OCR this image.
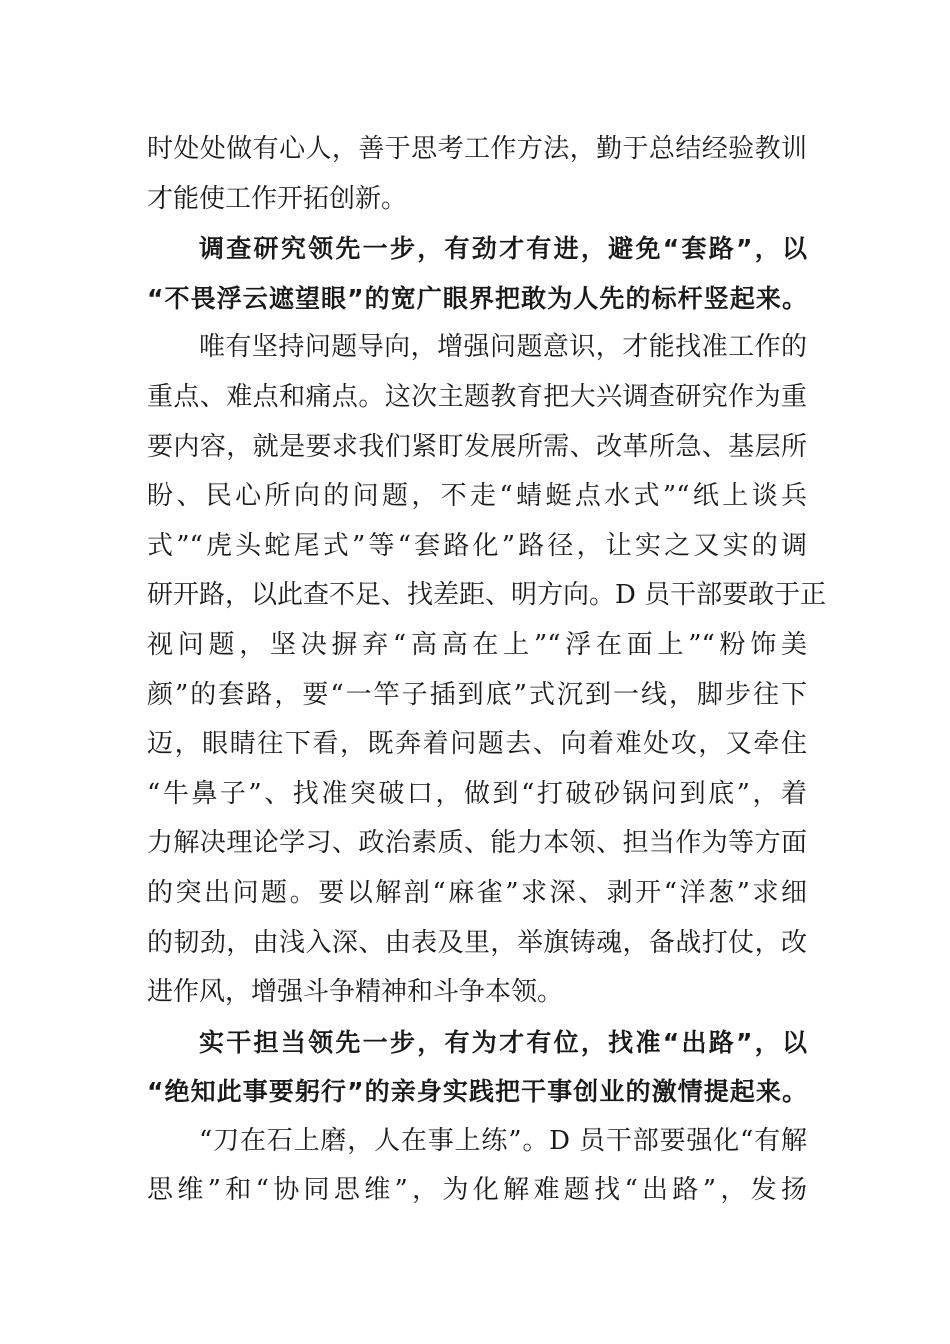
时处处做有心人，善于思考工作方法，勤于总结经验教训
才能使工作开拓创新。
调查研究领先一步，有劲才有进，避免“套路”，以
“不畏浮云遮望眼”的宽广眼界把敢为人先的标杆竖起来。
唯有坚持问题导向，增强问题意识，才能找准工作的
重点、难点和痛点。这次主题教育把大兴调查研究作为重
要内容，就是要求我们紧盯发展所需、改革所急、基层所
盼、民心所向的问题，不走“蜻蜓点水式”“纸上谈兵
式”“虎头蛇尾式”等“套路化”路径，让实之又实的调
研开路，以此查不足、找差距、明方向。D 员干部要敢于正
视问题，坚决摒弃“高高在上”“浮在面上”“粉饰美
颜”的套路，要“一竿子插到底”式沉到一线，脚步往下
迈，眼睛往下看，既奔着问题去、向着难处攻，又牵住
“牛鼻子”、找准突破口，做到“打破砂锅问到底”，着
力解决理论学习、政治素质、能力本领、担当作为等方面
的突出问题。要以解剖“麻雀”求深、剥开“洋葱”求细
的韧劲，由浅入深、由表及里，举旗铸魂，备战打仗，改
进作风，增强斗争精神和斗争本领。
实干担当领先一步，有为才有位，找准“出路”，以
“绝知此事要躬行”的亲身实践把干事创业的激情提起来。
“刀在石上磨，人在事上练”。D 员干部要强化“有解
思维”和“协同思维”，为化解难题找“出路”，发扬
